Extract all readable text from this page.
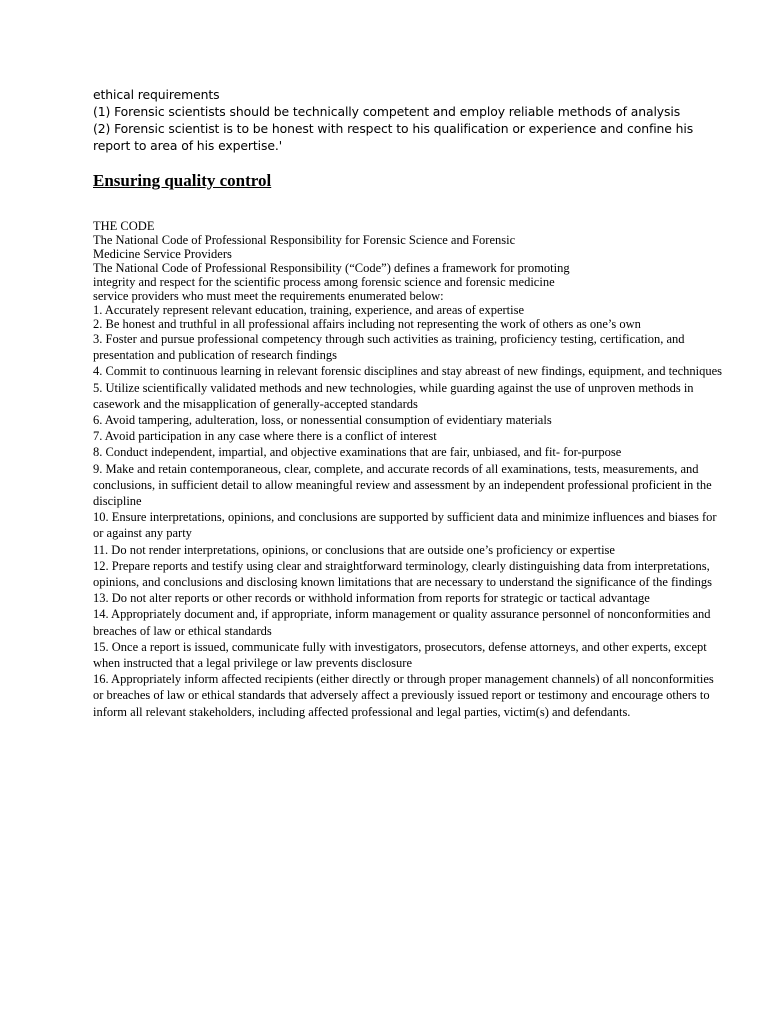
ethical requirements
(1) Forensic scientists should be technically competent and employ reliable methods of analysis
(2) Forensic scientist is to be honest with respect to his qualification or experience and confine his report to area of his expertise.'
Ensuring quality control
THE CODE
The National Code of Professional Responsibility for Forensic Science and Forensic
Medicine Service Providers
The National Code of Professional Responsibility (“Code”) defines a framework for promoting
integrity and respect for the scientific process among forensic science and forensic medicine
service providers who must meet the requirements enumerated below:
1. Accurately represent relevant education, training, experience, and areas of expertise
2. Be honest and truthful in all professional affairs including not representing the work of others as one’s own
3. Foster and pursue professional competency through such activities as training, proficiency testing, certification, and presentation and publication of research findings
4. Commit to continuous learning in relevant forensic disciplines and stay abreast of new findings, equipment, and techniques
5. Utilize scientifically validated methods and new technologies, while guarding against the use of unproven methods in casework and the misapplication of generally-accepted standards
6. Avoid tampering, adulteration, loss, or nonessential consumption of evidentiary materials
7. Avoid participation in any case where there is a conflict of interest
8. Conduct independent, impartial, and objective examinations that are fair, unbiased, and fit- for-purpose
9. Make and retain contemporaneous, clear, complete, and accurate records of all examinations, tests, measurements, and conclusions, in sufficient detail to allow meaningful review and assessment by an independent professional proficient in the discipline
10. Ensure interpretations, opinions, and conclusions are supported by sufficient data and minimize influences and biases for or against any party
11. Do not render interpretations, opinions, or conclusions that are outside one’s proficiency or expertise
12. Prepare reports and testify using clear and straightforward terminology, clearly distinguishing data from interpretations, opinions, and conclusions and disclosing known limitations that are necessary to understand the significance of the findings
13. Do not alter reports or other records or withhold information from reports for strategic or tactical advantage
14. Appropriately document and, if appropriate, inform management or quality assurance personnel of nonconformities and breaches of law or ethical standards
15. Once a report is issued, communicate fully with investigators, prosecutors, defense attorneys, and other experts, except when instructed that a legal privilege or law prevents disclosure
16. Appropriately inform affected recipients (either directly or through proper management channels) of all nonconformities or breaches of law or ethical standards that adversely affect a previously issued report or testimony and encourage others to inform all relevant stakeholders, including affected professional and legal parties, victim(s) and defendants.
